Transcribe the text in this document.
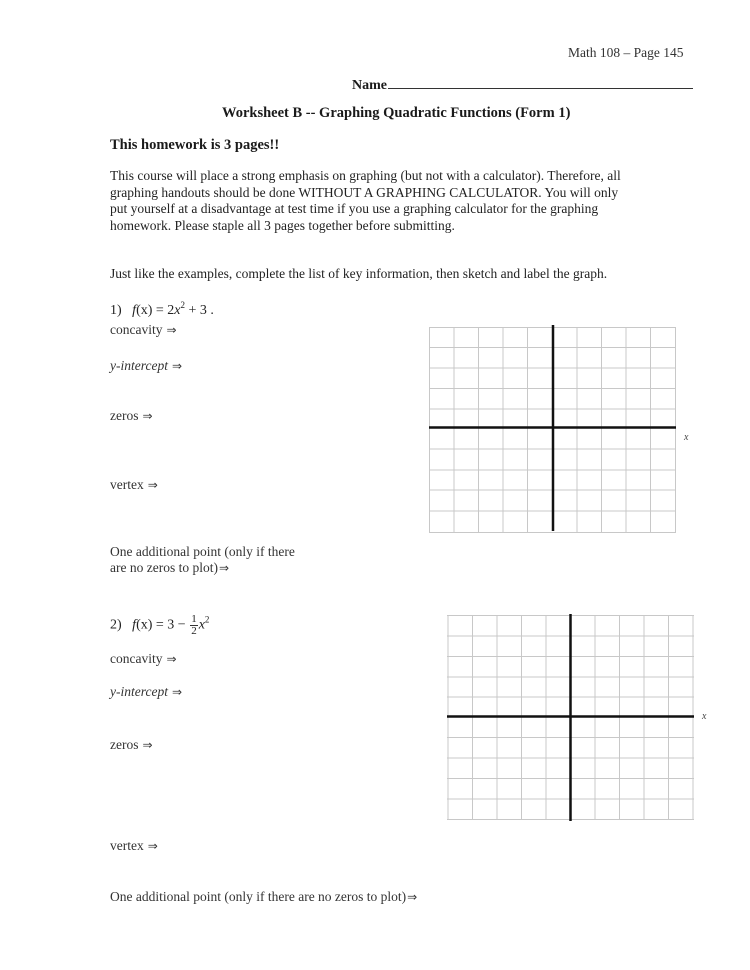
Math 108 – Page 145
Name
Worksheet B -- Graphing Quadratic Functions (Form 1)
This homework is 3 pages!!
This course will place a strong emphasis on graphing (but not with a calculator). Therefore, all
graphing handouts should be done WITHOUT A GRAPHING CALCULATOR. You will only
put yourself at a disadvantage at test time if you use a graphing calculator for the graphing
homework. Please staple all 3 pages together before submitting.
Just like the examples, complete the list of key information, then sketch and label the graph.
1) $f(x) = 2x^2 + 3$ .
concavity ⇒
y-intercept ⇒
zeros ⇒
vertex ⇒
One additional point (only if there
are no zeros to plot)⇒
x
2) $f(x) = 3 - \frac{1}{2} x^2$
concavity ⇒
y-intercept ⇒
zeros ⇒
vertex ⇒
One additional point (only if there are no zeros to plot)⇒
x
